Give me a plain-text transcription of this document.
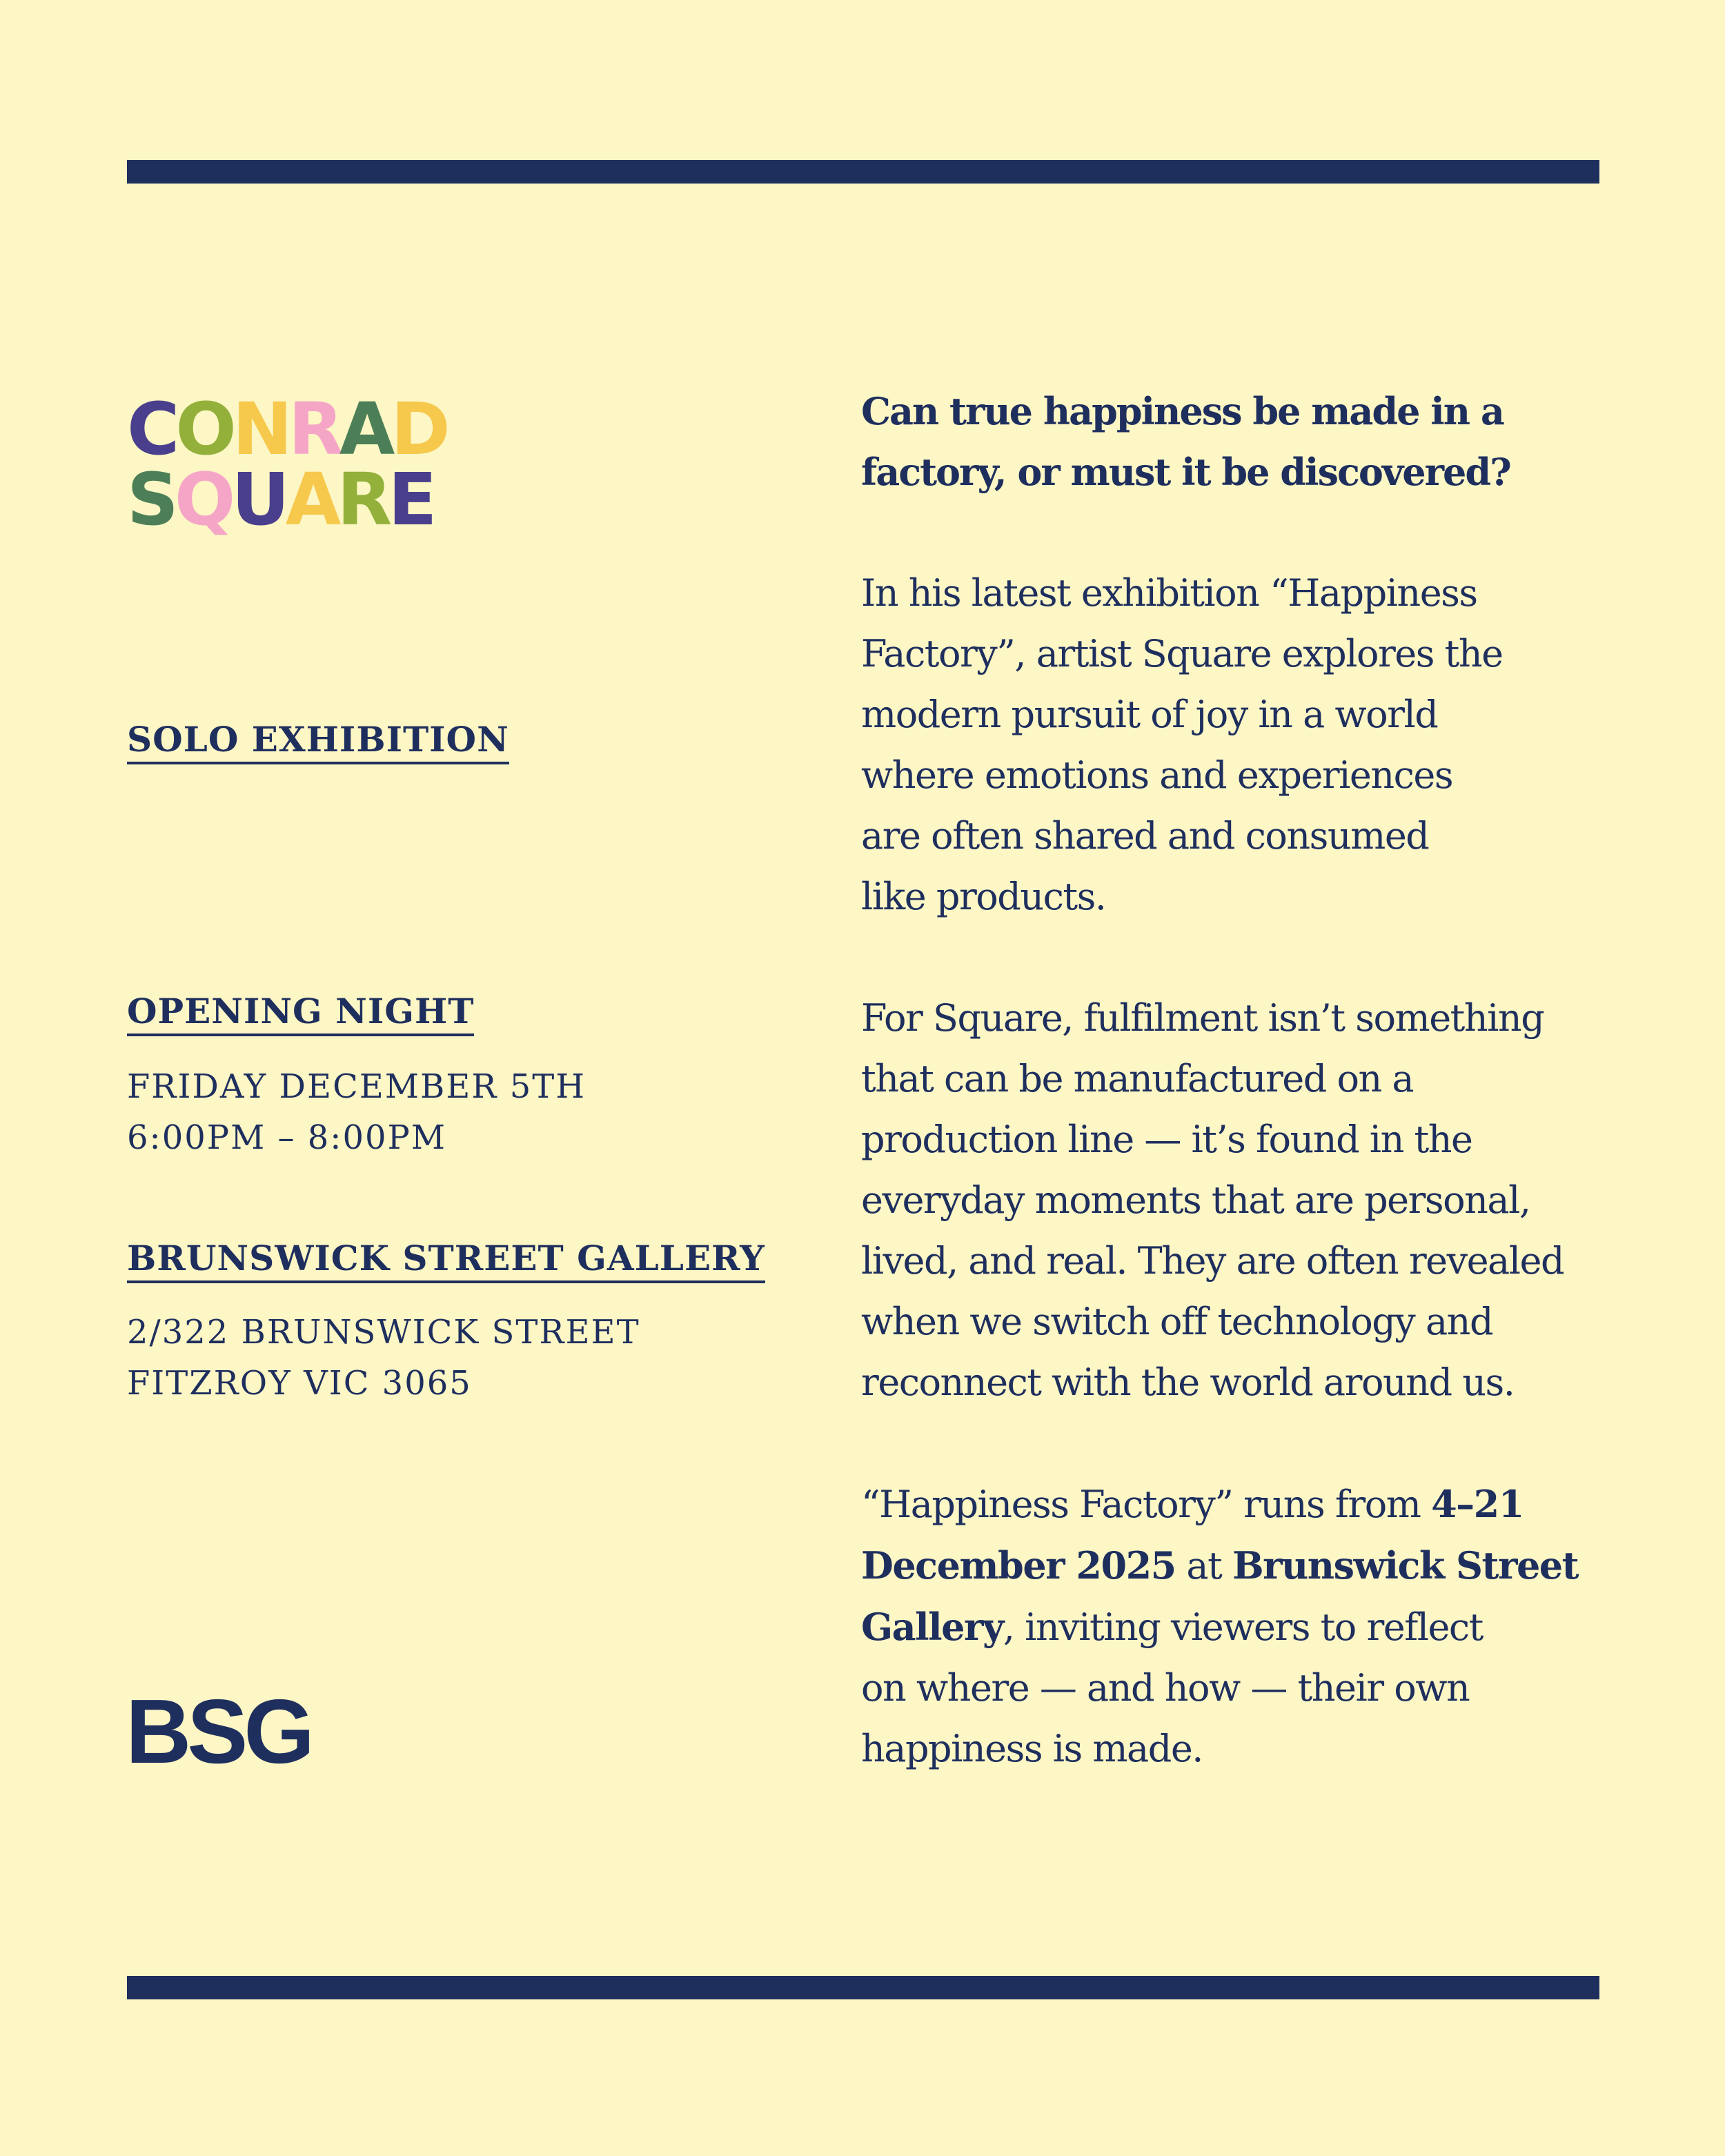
C O N R A D
S Q U A R E
SOLO EXHIBITION
OPENING NIGHT
FRIDAY DECEMBER 5TH
6:00PM – 8:00PM
BRUNSWICK STREET GALLERY
2/322 BRUNSWICK STREET
FITZROY VIC 3065
BSG

Can true happiness be made in a

factory, or must it be discovered?

In his latest exhibition “Happiness

Factory”, artist Square explores the

modern pursuit of joy in a world

where emotions and experiences

are often shared and consumed

like products.

For Square, fulfilment isn’t something

that can be manufactured on a

production line — it’s found in the

everyday moments that are personal,

lived, and real. They are often revealed

when we switch off technology and

reconnect with the world around us.

“Happiness Factory” runs from 4–21

December 2025 at Brunswick Street

Gallery, inviting viewers to reflect

on where — and how — their own

happiness is made.
